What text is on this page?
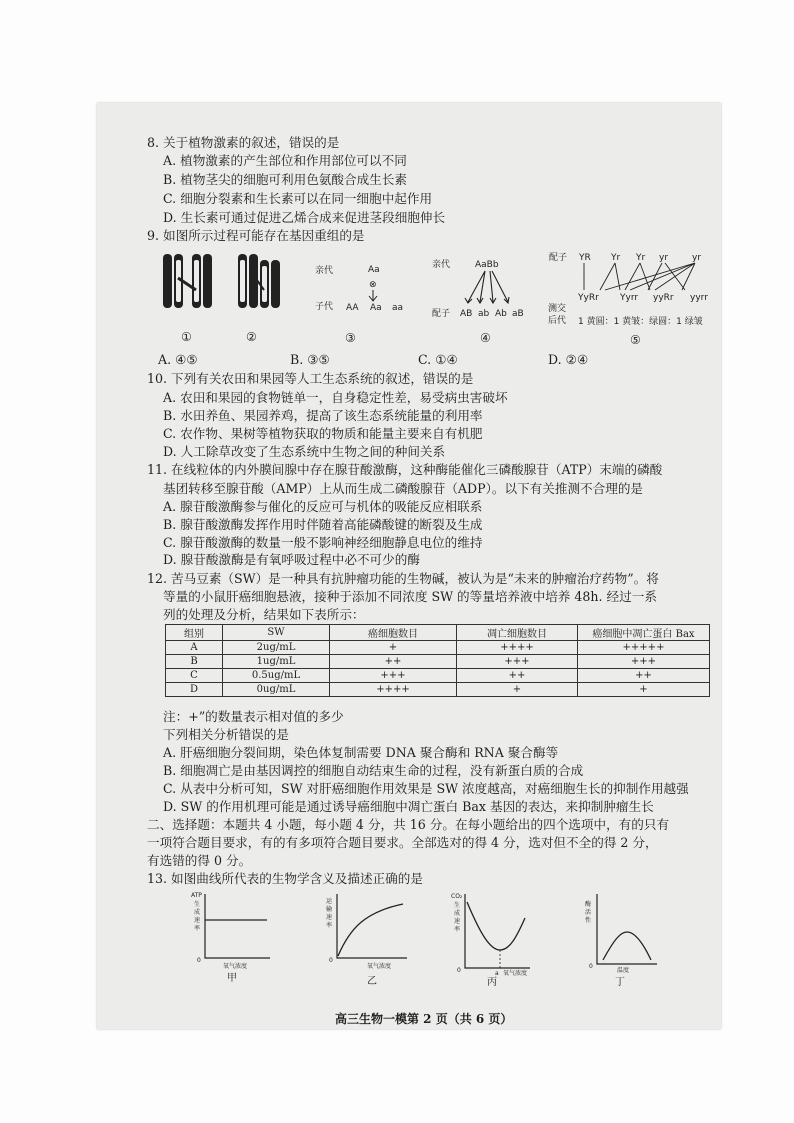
8. 关于植物激素的叙述，错误的是
A. 植物激素的产生部位和作用部位可以不同
B. 植物茎尖的细胞可利用色氨酸合成生长素
C. 细胞分裂素和生长素可以在同一细胞中起作用
D. 生长素可通过促进乙烯合成来促进茎段细胞伸长
9. 如图所示过程可能存在基因重组的是
亲代	Aa
⊗
子代 AA Aa aa
亲代	AaBb
配子 AB ab Ab aB
配子 YR Yr Yr yr	yr
测交
后代
YyRr Yyrr yyRr yyrr
1 黄圆：1 黄皱：绿圆：1 绿皱
①	②	③	④	⑤
A. ④⑤	B. ③⑤	C. ①④	D. ②④
10. 下列有关农田和果园等人工生态系统的叙述，错误的是
A. 农田和果园的食物链单一，自身稳定性差，易受病虫害破坏
B. 水田养鱼、果园养鸡，提高了该生态系统能量的利用率
C. 农作物、果树等植物获取的物质和能量主要来自有机肥
D. 人工除草改变了生态系统中生物之间的种间关系
11. 在线粒体的内外膜间腺中存在腺苷酸激酶，这种酶能催化三磷酸腺苷（ATP）末端的磷酸
基团转移至腺苷酸（AMP）上从而生成二磷酸腺苷（ADP）。以下有关推测不合理的是
A. 腺苷酸激酶参与催化的反应可与机体的吸能反应相联系
B. 腺苷酸激酶发挥作用时伴随着高能磷酸键的断裂及生成
C. 腺苷酸激酶的数量一般不影响神经细胞静息电位的维持
D. 腺苷酸激酶是有氧呼吸过程中必不可少的酶
12. 苦马豆素（SW）是一种具有抗肿瘤功能的生物碱，被认为是“未来的肿瘤治疗药物”。将
等量的小鼠肝癌细胞悬液，接种于添加不同浓度 SW 的等量培养液中培养 48h. 经过一系
列的处理及分析，结果如下表所示：
组别	SW	癌细胞数目	凋亡细胞数目	癌细胞中凋亡蛋白 Bax
A	2ug/mL	+	++++	+++++
B	1ug/mL	++	+++	+++
C	0.5ug/mL	+++	++	++
D	0ug/mL	++++	+	+
注：+”的数量表示相对值的多少
下列相关分析错误的是
A. 肝癌细胞分裂间期，染色体复制需要 DNA 聚合酶和 RNA 聚合酶等
B. 细胞凋亡是由基因调控的细胞自动结束生命的过程，没有新蛋白质的合成
C. 从表中分析可知，SW 对肝癌细胞作用效果是 SW 浓度越高，对癌细胞生长的抑制作用越强
D. SW 的作用机理可能是通过诱导癌细胞中凋亡蛋白 Bax 基因的表达，来抑制肿瘤生长
二、选择题：本题共 4 小题，每小题 4 分，共 16 分。在每小题给出的四个选项中，有的只有
一项符合题目要求，有的有多项符合题目要求。全部选对的得 4 分，选对但不全的得 2 分，
有选错的得 0 分。
13. 如图曲线所代表的生物学含义及描述正确的是
ATP
生
成
速
率
0
氧气浓度
甲
运
输
速
率
0
氧气浓度
乙
CO₂
生
成
速
率
0	a 氧气浓度
丙
酶
活
性
0
温度
丁
高三生物一模第 2 页（共 6 页）
